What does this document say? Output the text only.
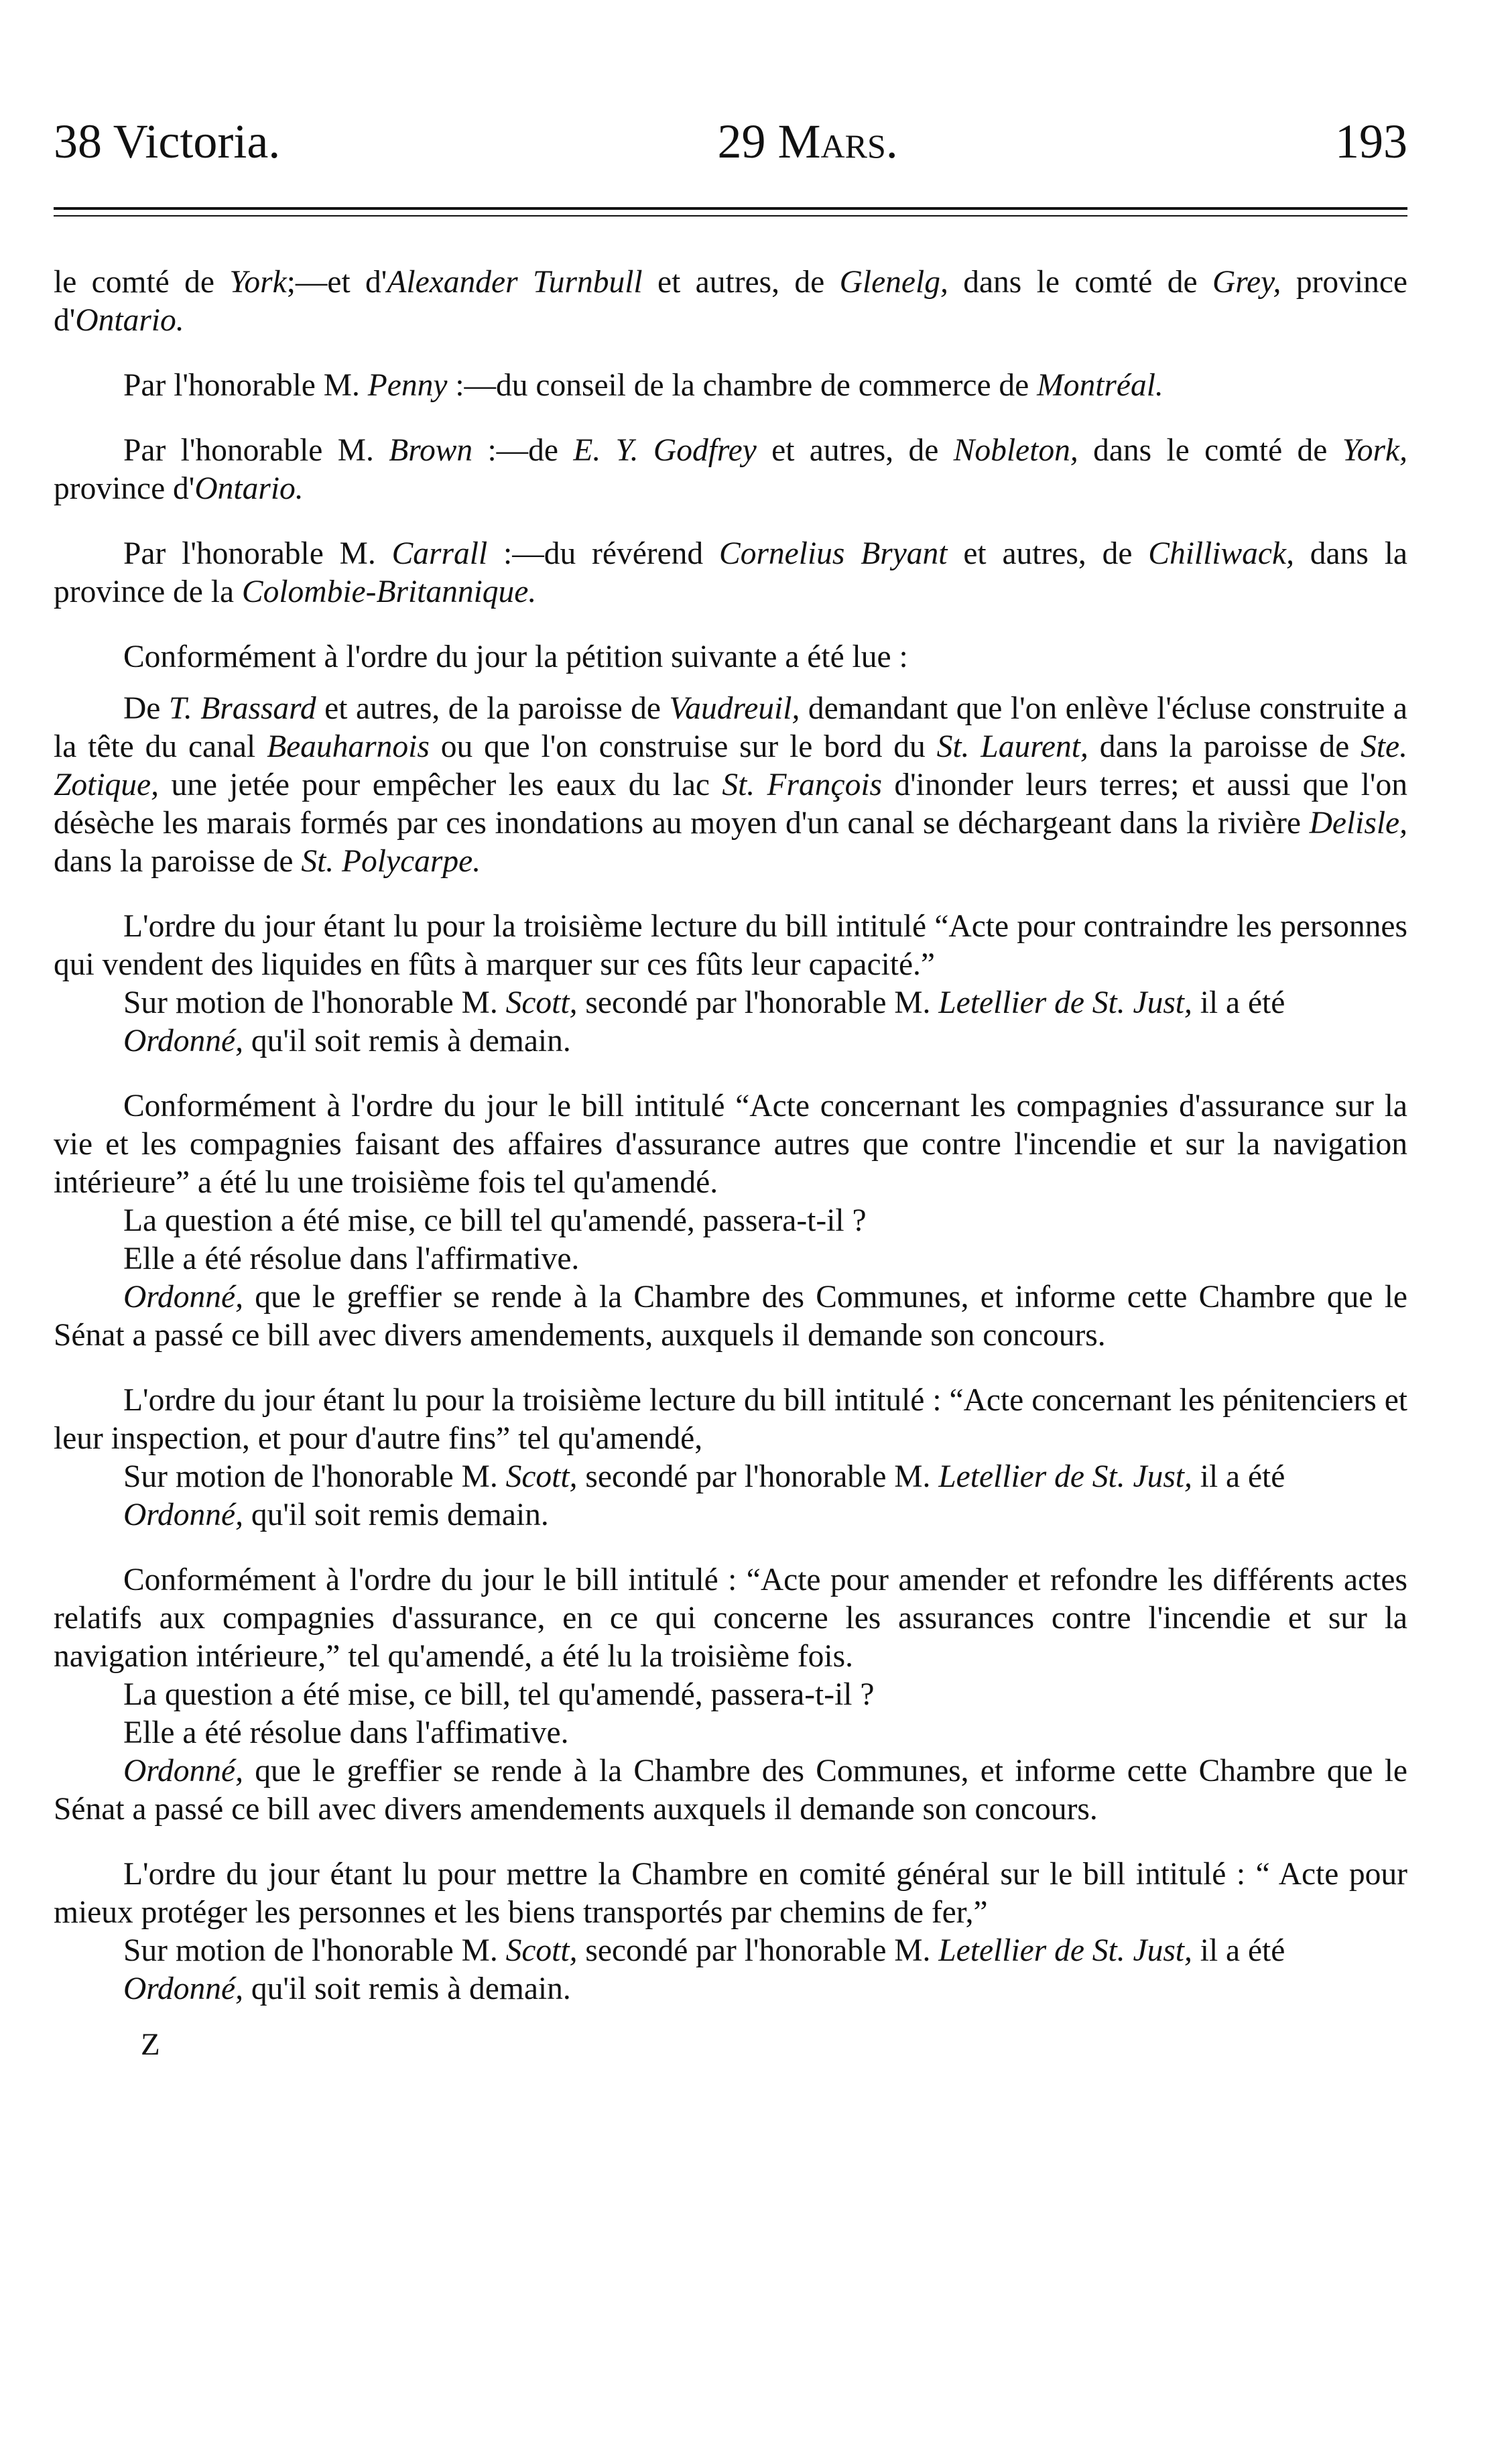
38 Victoria.	29 Mars.	193

le comté de York;—et d'Alexander Turnbull et autres, de Glenelg, dans le comté de Grey, province d'Ontario.

Par l'honorable M. Penny :—du conseil de la chambre de commerce de Montréal.

Par l'honorable M. Brown :—de E. Y. Godfrey et autres, de Nobleton, dans le comté de York, province d'Ontario.

Par l'honorable M. Carrall :—du révérend Cornelius Bryant et autres, de Chilliwack, dans la province de la Colombie-Britannique.

Conformément à l'ordre du jour la pétition suivante a été lue :

De T. Brassard et autres, de la paroisse de Vaudreuil, demandant que l'on enlève l'écluse construite a la tête du canal Beauharnois ou que l'on construise sur le bord du St. Laurent, dans la paroisse de Ste. Zotique, une jetée pour empêcher les eaux du lac St. François d'inonder leurs terres; et aussi que l'on désèche les marais formés par ces inondations au moyen d'un canal se déchargeant dans la rivière Delisle, dans la paroisse de St. Polycarpe.

L'ordre du jour étant lu pour la troisième lecture du bill intitulé “Acte pour contraindre les personnes qui vendent des liquides en fûts à marquer sur ces fûts leur capacité.”

Sur motion de l'honorable M. Scott, secondé par l'honorable M. Letellier de St. Just, il a été

Ordonné, qu'il soit remis à demain.

Conformément à l'ordre du jour le bill intitulé “Acte concernant les compagnies d'assurance sur la vie et les compagnies faisant des affaires d'assurance autres que contre l'incendie et sur la navigation intérieure” a été lu une troisième fois tel qu'amendé.

La question a été mise, ce bill tel qu'amendé, passera-t-il ?

Elle a été résolue dans l'affirmative.

Ordonné, que le greffier se rende à la Chambre des Communes, et informe cette Chambre que le Sénat a passé ce bill avec divers amendements, auxquels il demande son concours.

L'ordre du jour étant lu pour la troisième lecture du bill intitulé : “Acte concernant les pénitenciers et leur inspection, et pour d'autre fins” tel qu'amendé,

Sur motion de l'honorable M. Scott, secondé par l'honorable M. Letellier de St. Just, il a été

Ordonné, qu'il soit remis demain.

Conformément à l'ordre du jour le bill intitulé : “Acte pour amender et refondre les différents actes relatifs aux compagnies d'assurance, en ce qui concerne les assurances contre l'incendie et sur la navigation intérieure,” tel qu'amendé, a été lu la troisième fois.

La question a été mise, ce bill, tel qu'amendé, passera-t-il ?

Elle a été résolue dans l'affimative.

Ordonné, que le greffier se rende à la Chambre des Communes, et informe cette Chambre que le Sénat a passé ce bill avec divers amendements auxquels il demande son concours.

L'ordre du jour étant lu pour mettre la Chambre en comité général sur le bill intitulé : “ Acte pour mieux protéger les personnes et les biens transportés par chemins de fer,”

Sur motion de l'honorable M. Scott, secondé par l'honorable M. Letellier de St. Just, il a été

Ordonné, qu'il soit remis à demain.

Z
